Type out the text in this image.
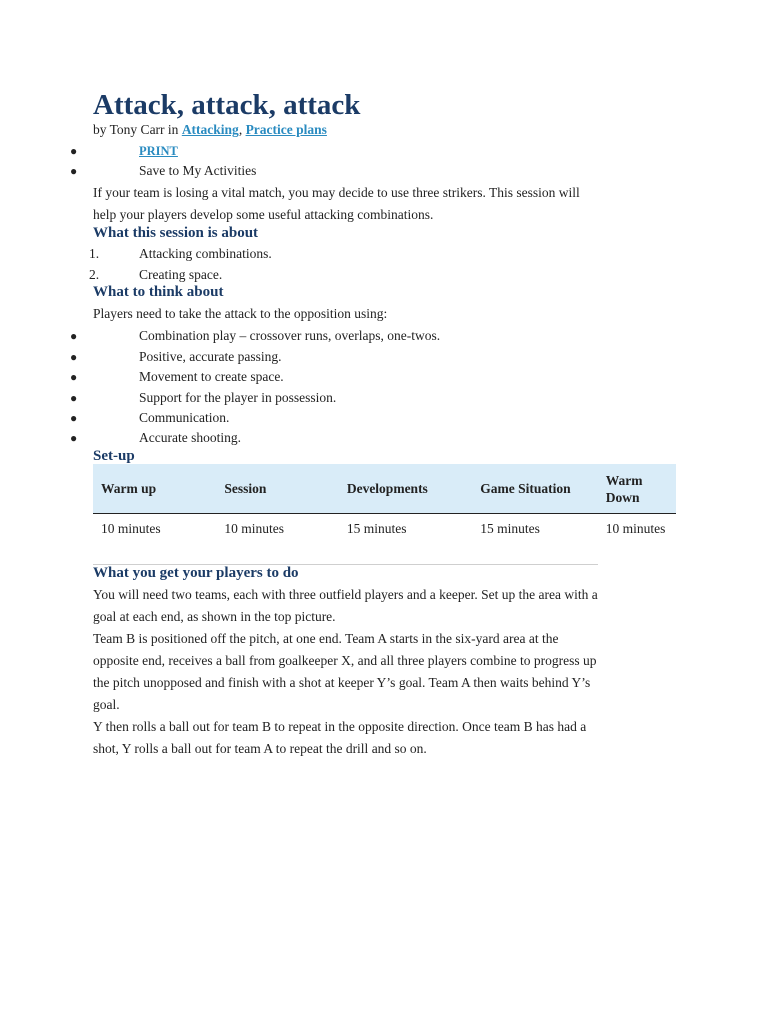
Attack, attack, attack
by Tony Carr in Attacking, Practice plans
●	PRINT
●	Save to My Activities

If your team is losing a vital match, you may decide to use three strikers. This session will

help your players develop some useful attacking combinations.

What this session is about
1.	Attacking combinations.
2.	Creating space.
What to think about

Players need to take the attack to the opposition using:

●	Combination play – crossover runs, overlaps, one-twos.
●	Positive, accurate passing.
●	Movement to create space.
●	Support for the player in possession.
●	Communication.
●	Accurate shooting.
Set-up
Warm up	Session	Developments	Game Situation	Warm Down
10 minutes	10 minutes	15 minutes	15 minutes	10 minutes
What you get your players to do

You will need two teams, each with three outfield players and a keeper. Set up the area with a

goal at each end, as shown in the top picture.

Team B is positioned off the pitch, at one end. Team A starts in the six-yard area at the

opposite end, receives a ball from goalkeeper X, and all three players combine to progress up

the pitch unopposed and finish with a shot at keeper Y’s goal. Team A then waits behind Y’s

goal.

Y then rolls a ball out for team B to repeat in the opposite direction. Once team B has had a

shot, Y rolls a ball out for team A to repeat the drill and so on.
